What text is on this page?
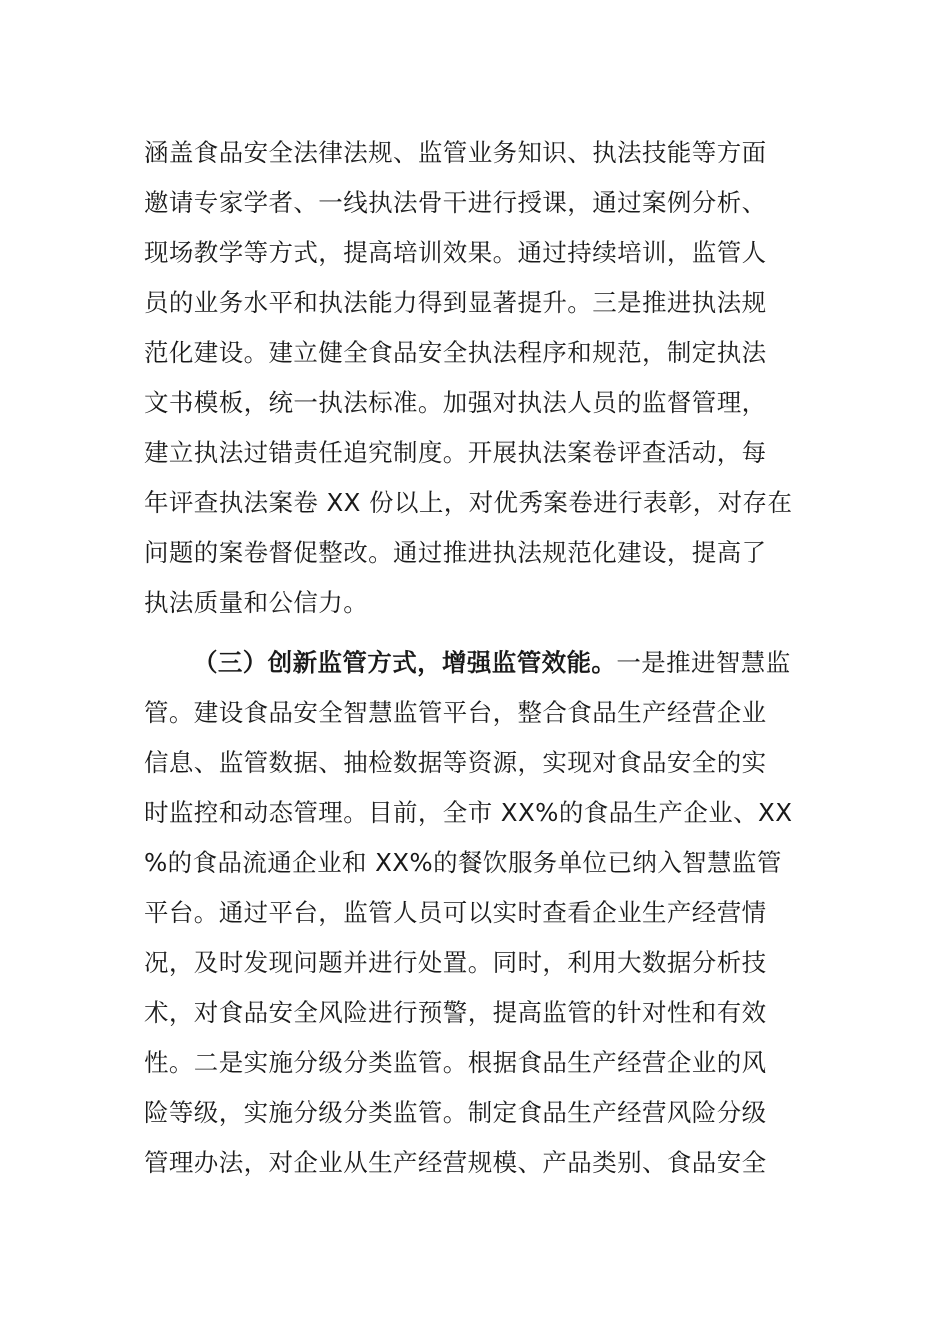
涵盖食品安全法律法规、监管业务知识、执法技能等方面
邀请专家学者、一线执法骨干进行授课，通过案例分析、
现场教学等方式，提高培训效果。通过持续培训，监管人
员的业务水平和执法能力得到显著提升。三是推进执法规
范化建设。建立健全食品安全执法程序和规范，制定执法
文书模板，统一执法标准。加强对执法人员的监督管理，
建立执法过错责任追究制度。开展执法案卷评查活动，每
年评查执法案卷 XX 份以上，对优秀案卷进行表彰，对存在
问题的案卷督促整改。通过推进执法规范化建设，提高了
执法质量和公信力。
（三）创新监管方式，增强监管效能。一是推进智慧监
管。建设食品安全智慧监管平台，整合食品生产经营企业
信息、监管数据、抽检数据等资源，实现对食品安全的实
时监控和动态管理。目前，全市 XX%的食品生产企业、XX
%的食品流通企业和 XX%的餐饮服务单位已纳入智慧监管
平台。通过平台，监管人员可以实时查看企业生产经营情
况，及时发现问题并进行处置。同时，利用大数据分析技
术，对食品安全风险进行预警，提高监管的针对性和有效
性。二是实施分级分类监管。根据食品生产经营企业的风
险等级，实施分级分类监管。制定食品生产经营风险分级
管理办法，对企业从生产经营规模、产品类别、食品安全
